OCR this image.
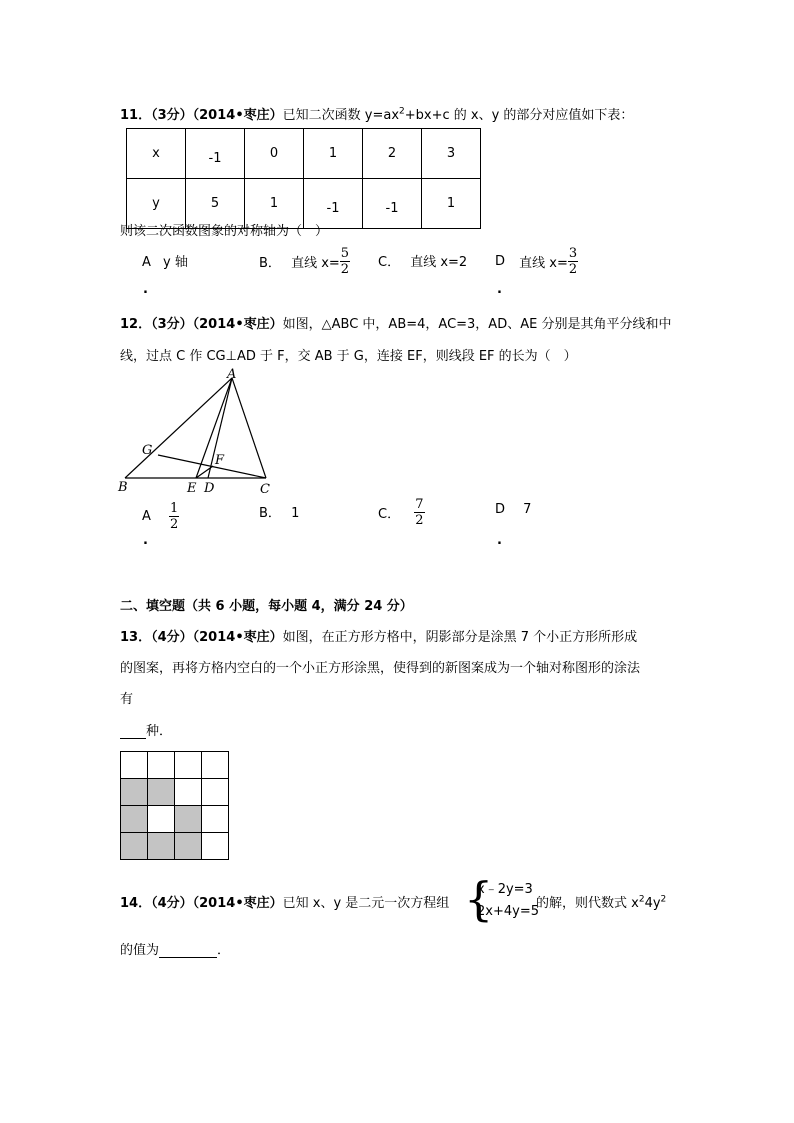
11．（3分）（2014•枣庄）已知二次函数 $y=ax^2+bx+c$ 的 x、y 的部分对应值如下表：
x	-1	0	1	2	3
y	5	1	-1	-1	1
则该二次函数图象的对称轴为（　）
A y 轴
.
B． 直线 $x= \frac{5}{2}$ C． 直线 x=2 D 直线 $x= \frac{3}{2}$
.
12．（3分）（2014•枣庄）如图，△ABC 中，AB=4，AC=3，AD、AE 分别是其角平分线和中
线，过点 C 作 CG⊥AD 于 F，交 AB 于 G，连接 EF，则线段 EF 的长为（　）
A
B	C
D
E
F
G
A $\frac{1}{2}$
.
B． 1	C． $\frac{7}{2}$	D 7
.
二、填空题（共 6 小题，每小题 4，满分 24 分）
13．（4分）（2014•枣庄）如图，在正方形方格中，阴影部分是涂黑 7 个小正方形所形成
的图案，再将方格内空白的一个小正方形涂黑，使得到的新图案成为一个轴对称图形的涂法
有
种．
14．（4分）（2014•枣庄）已知 x、y 是二元一次方程组 {
x﹣2y=3
2x+4y=5
的解，则代数式 $x^24y^2$
的值为	．
